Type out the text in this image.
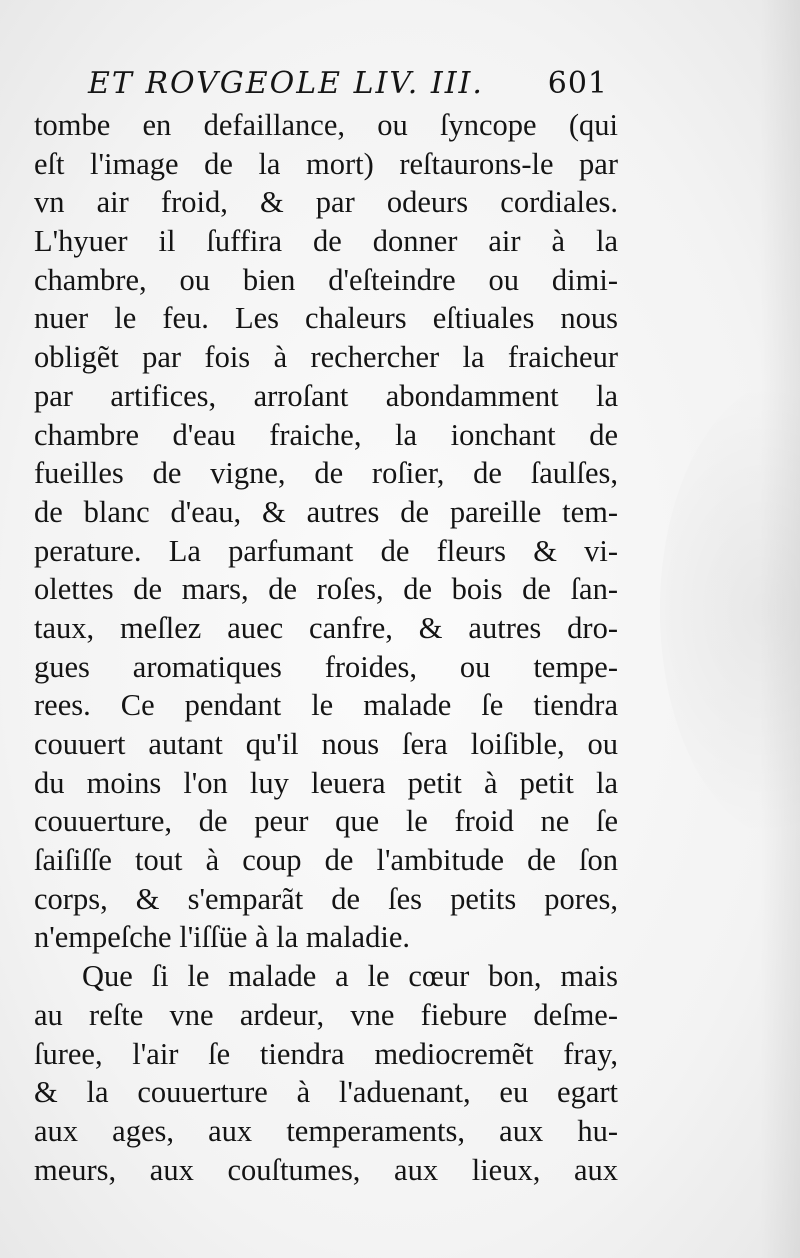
ET ROVGEOLE LIV. III. 601
tombe en defaillance, ou ſyncope (qui
eſt l'image de la mort) reſtaurons-le par
vn air froid, & par odeurs cordiales.
L'hyuer il ſuffira de donner air à la
chambre, ou bien d'eſteindre ou dimi-
nuer le feu. Les chaleurs eſtiuales nous
obligẽt par fois à rechercher la fraicheur
par artifices, arroſant abondamment la
chambre d'eau fraiche, la ionchant de
fueilles de vigne, de roſier, de ſaulſes,
de blanc d'eau, & autres de pareille tem-
perature. La parfumant de fleurs & vi-
olettes de mars, de roſes, de bois de ſan-
taux, meſlez auec canfre, & autres dro-
gues aromatiques froides, ou tempe-
rees. Ce pendant le malade ſe tiendra
couuert autant qu'il nous ſera loiſible, ou
du moins l'on luy leuera petit à petit la
couuerture, de peur que le froid ne ſe
ſaiſiſſe tout à coup de l'ambitude de ſon
corps, & s'emparãt de ſes petits pores,
n'empeſche l'iſſüe à la maladie.
Que ſi le malade a le cœur bon, mais
au reſte vne ardeur, vne fiebure deſme-
ſuree, l'air ſe tiendra mediocremẽt fray,
& la couuerture à l'aduenant, eu egart
aux ages, aux temperaments, aux hu-
meurs, aux couſtumes, aux lieux, aux
